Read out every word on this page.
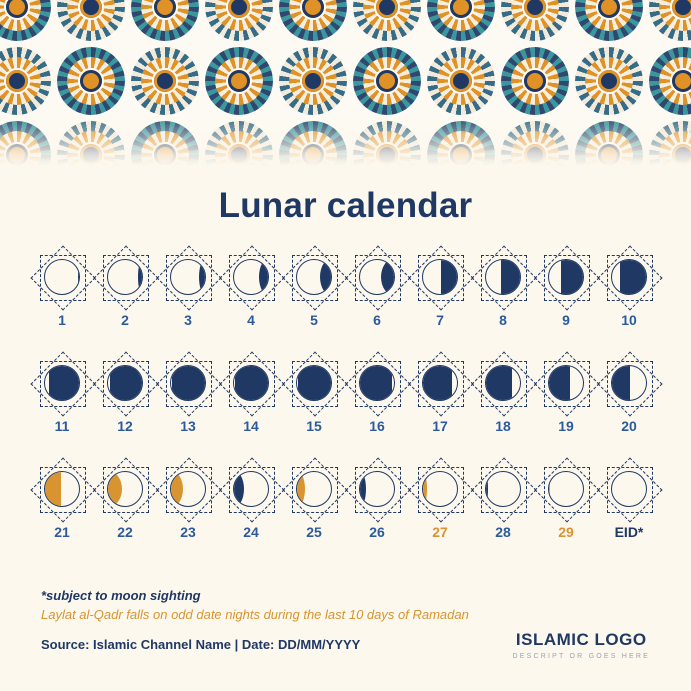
Lunar calendar
1	2	3	4	5	6	7	8	9	10
11	12	13	14	15	16	17	18	19	20
21	22	23	24	25	26	27	28	29	EID*
*subject to moon sighting
Laylat al-Qadr falls on odd date nights during the last 10 days of Ramadan
Source: Islamic Channel Name | Date: DD/MM/YYYY	ISLAMIC LOGO
DESCRIPT OR GOES HERE
